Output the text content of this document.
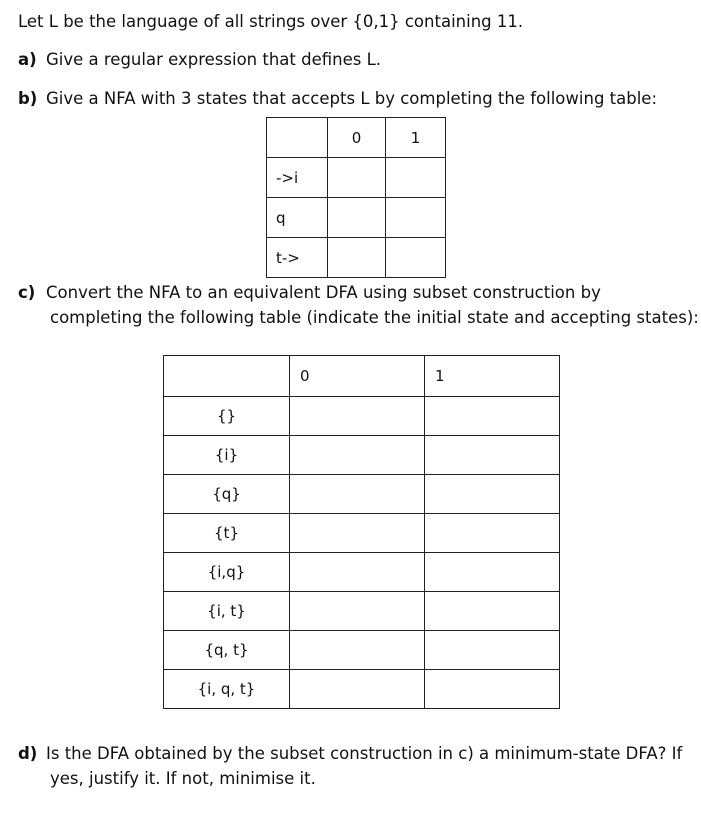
Let L be the language of all strings over {0,1} containing 11.
a) Give a regular expression that defines L.
b) Give a NFA with 3 states that accepts L by completing the following table:
	0	1
->i		
q		
t->		
c) Convert the NFA to an equivalent DFA using subset construction by
completing the following table (indicate the initial state and accepting states):
	0	1
{}		
{i}		
{q}		
{t}		
{i,q}		
{i, t}		
{q, t}		
{i, q, t}		
d) Is the DFA obtained by the subset construction in c) a minimum-state DFA? If
yes, justify it. If not, minimise it.
